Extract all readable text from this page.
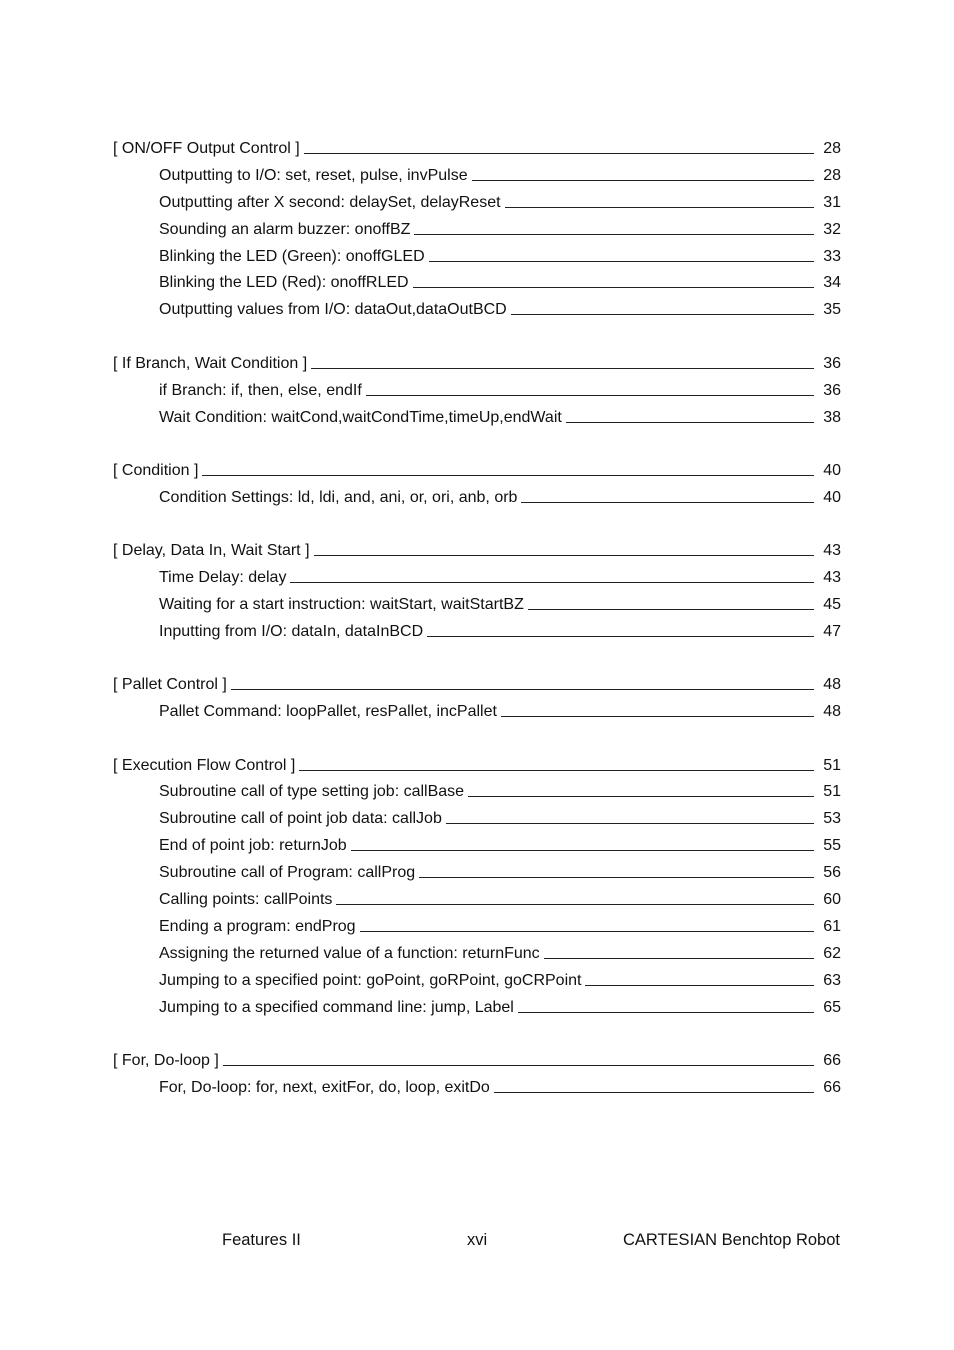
[ ON/OFF Output Control ]	28
Outputting to I/O: set, reset, pulse, invPulse	28
Outputting after X second: delaySet, delayReset	31
Sounding an alarm buzzer: onoffBZ	32
Blinking the LED (Green): onoffGLED	33
Blinking the LED (Red): onoffRLED	34
Outputting values from I/O: dataOut,dataOutBCD	35
[ If Branch, Wait Condition ]	36
if Branch: if, then, else, endIf	36
Wait Condition: waitCond,waitCondTime,timeUp,endWait	38
[ Condition ]	40
Condition Settings: ld, ldi, and, ani, or, ori, anb, orb	40
[ Delay, Data In, Wait Start ]	43
Time Delay: delay	43
Waiting for a start instruction: waitStart, waitStartBZ	45
Inputting from I/O: dataIn, dataInBCD	47
[ Pallet Control ]	48
Pallet Command: loopPallet, resPallet, incPallet	48
[ Execution Flow Control ]	51
Subroutine call of type setting job: callBase	51
Subroutine call of point job data: callJob	53
End of point job: returnJob	55
Subroutine call of Program: callProg	56
Calling points: callPoints	60
Ending a program: endProg	61
Assigning the returned value of a function: returnFunc	62
Jumping to a specified point: goPoint, goRPoint, goCRPoint	63
Jumping to a specified command line: jump, Label	65
[ For, Do-loop ]	66
For, Do-loop: for, next, exitFor, do, loop, exitDo	66
Features II	xvi	CARTESIAN Benchtop Robot
